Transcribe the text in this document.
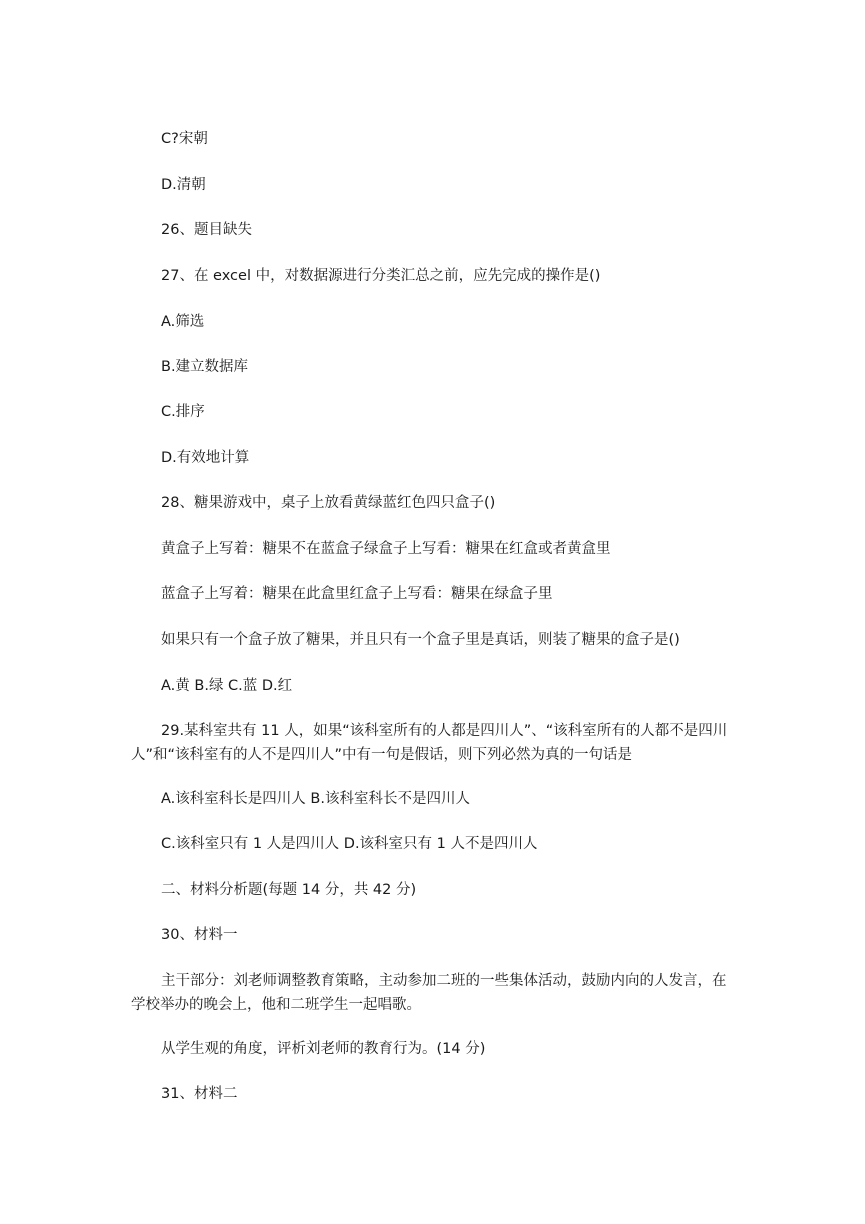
C?宋朝
D.清朝
26、题目缺失
27、在 excel 中，对数据源进行分类汇总之前，应先完成的操作是()
A.筛选
B.建立数据库
C.排序
D.有效地计算
28、糖果游戏中，桌子上放看黄绿蓝红色四只盒子()
黄盒子上写着：糖果不在蓝盒子绿盒子上写看：糖果在红盒或者黄盒里
蓝盒子上写着：糖果在此盒里红盒子上写看：糖果在绿盒子里
如果只有一个盒子放了糖果，并且只有一个盒子里是真话，则装了糖果的盒子是()
A.黄 B.绿 C.蓝 D.红
29.某科室共有 11 人，如果“该科室所有的人都是四川人”、“该科室所有的人都不是四川人”和“该科室有的人不是四川人”中有一句是假话，则下列必然为真的一句话是
A.该科室科长是四川人 B.该科室科长不是四川人
C.该科室只有 1 人是四川人 D.该科室只有 1 人不是四川人
二、材料分析题(每题 14 分，共 42 分)
30、材料一
主干部分：刘老师调整教育策略，主动参加二班的一些集体活动，鼓励内向的人发言，在学校举办的晚会上，他和二班学生一起唱歌。
从学生观的角度，评析刘老师的教育行为。(14 分)
31、材料二
